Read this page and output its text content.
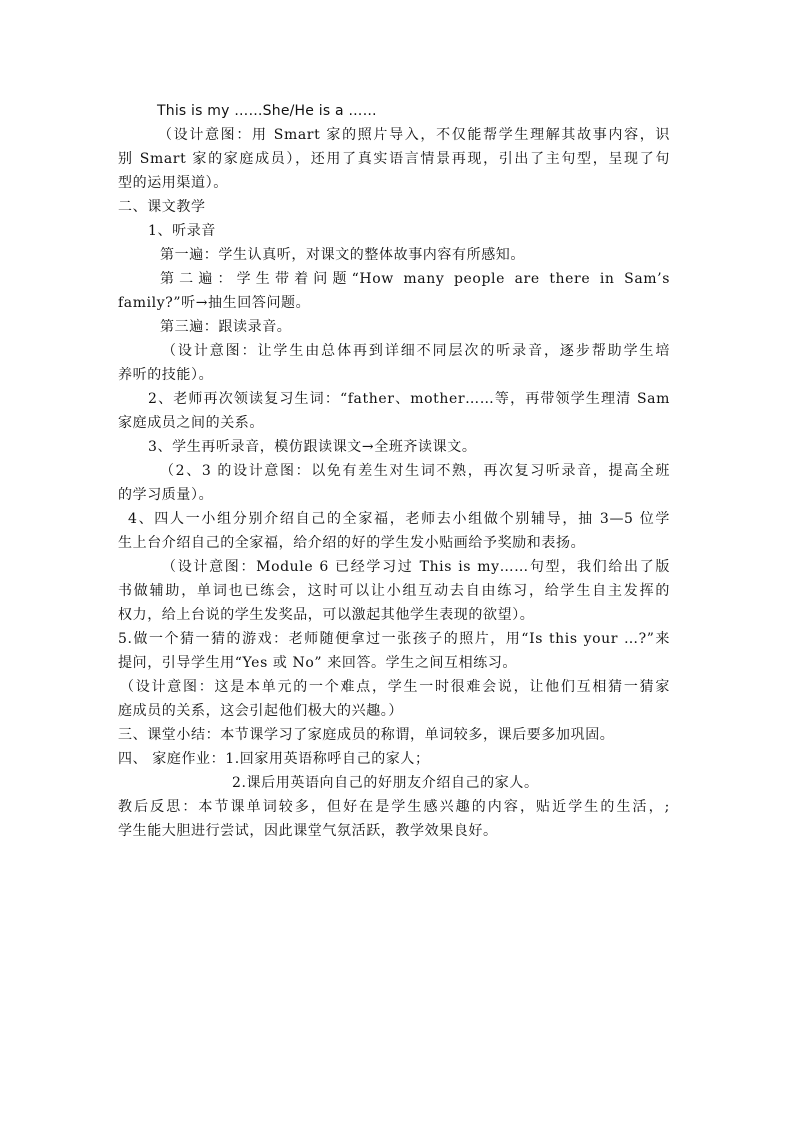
This is my ……She/He is a ……
（设计意图：用 Smart 家的照片导入，不仅能帮学生理解其故事内容，识
别 Smart 家的家庭成员），还用了真实语言情景再现，引出了主句型，呈现了句
型的运用渠道）。
二、课文教学
1、听录音
第一遍：学生认真听，对课文的整体故事内容有所感知。
第二遍：学生带着问题“How many people are there in Sam’s
family?”听→抽生回答问题。
第三遍：跟读录音。
（设计意图：让学生由总体再到详细不同层次的听录音，逐步帮助学生培
养听的技能）。
2、老师再次领读复习生词：“father、mother……等，再带领学生理清 Sam
家庭成员之间的关系。
3、学生再听录音，模仿跟读课文→全班齐读课文。
（2、3 的设计意图：以免有差生对生词不熟，再次复习听录音，提高全班
的学习质量）。
4、四人一小组分别介绍自己的全家福，老师去小组做个别辅导，抽 3—5 位学
生上台介绍自己的全家福，给介绍的好的学生发小贴画给予奖励和表扬。
（设计意图：Module 6 已经学习过 This is my……句型，我们给出了版
书做辅助，单词也已练会，这时可以让小组互动去自由练习，给学生自主发挥的
权力，给上台说的学生发奖品，可以激起其他学生表现的欲望）。
5.做一个猜一猜的游戏：老师随便拿过一张孩子的照片，用“Is this your …?”来
提问，引导学生用“Yes 或 No” 来回答。学生之间互相练习。
（设计意图：这是本单元的一个难点，学生一时很难会说，让他们互相猜一猜家
庭成员的关系，这会引起他们极大的兴趣。）
三、课堂小结：本节课学习了家庭成员的称谓，单词较多，课后要多加巩固。
四、 家庭作业：1.回家用英语称呼自己的家人；
2.课后用英语向自己的好朋友介绍自己的家人。
教后反思：本节课单词较多，但好在是学生感兴趣的内容，贴近学生的生活，;
学生能大胆进行尝试，因此课堂气氛活跃，教学效果良好。
